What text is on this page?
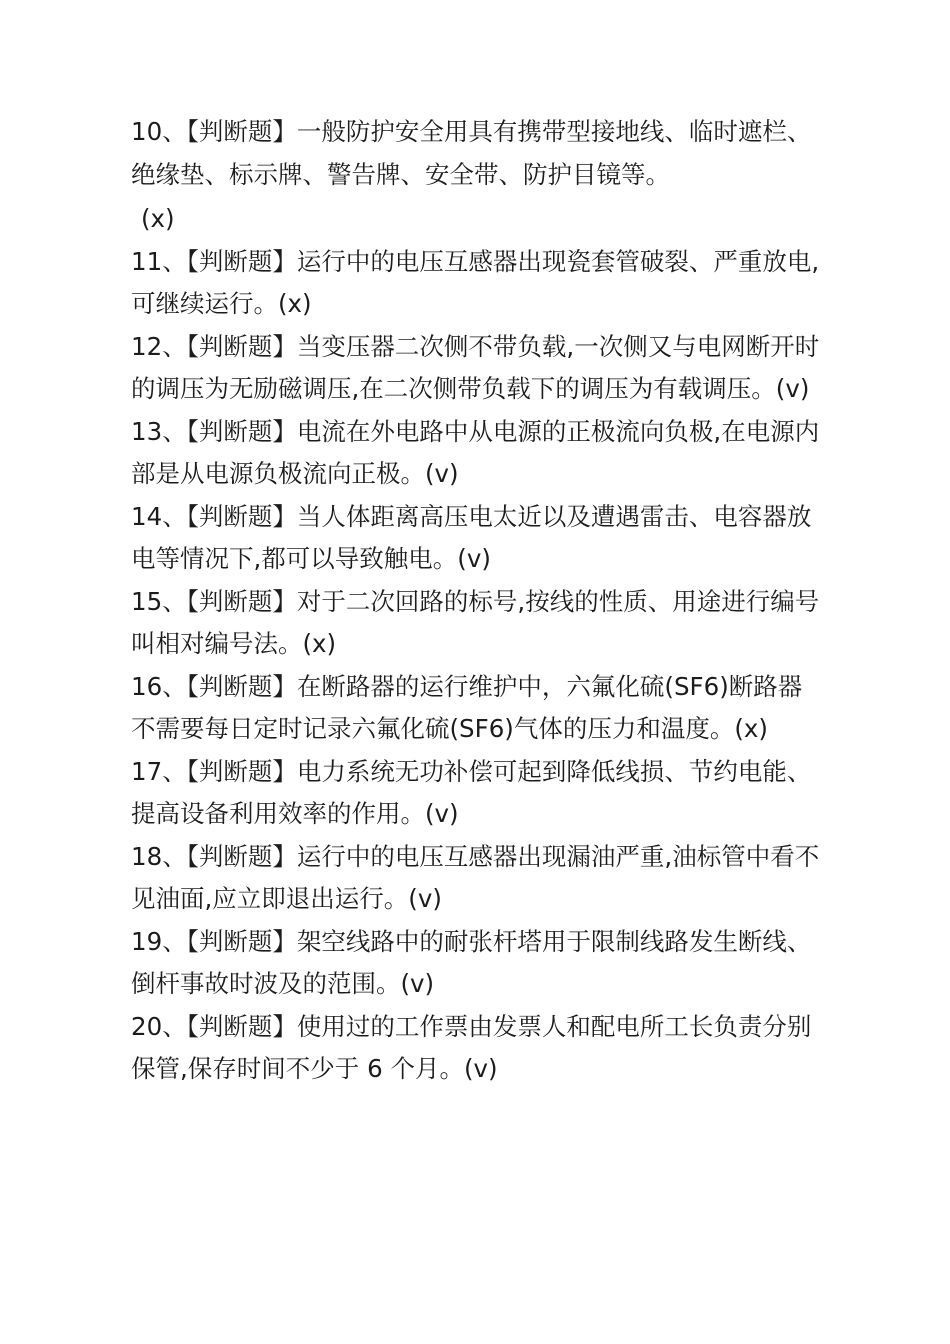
10、【判断题】一般防护安全用具有携带型接地线、临时遮栏、绝缘垫、标示牌、警告牌、安全带、防护目镜等。
(x)
11、【判断题】运行中的电压互感器出现瓷套管破裂、严重放电,可继续运行。(x)
12、【判断题】当变压器二次侧不带负载,一次侧又与电网断开时的调压为无励磁调压,在二次侧带负载下的调压为有载调压。(v)
13、【判断题】电流在外电路中从电源的正极流向负极,在电源内部是从电源负极流向正极。(v)
14、【判断题】当人体距离高压电太近以及遭遇雷击、电容器放电等情况下,都可以导致触电。(v)
15、【判断题】对于二次回路的标号,按线的性质、用途进行编号叫相对编号法。(x)
16、【判断题】在断路器的运行维护中，六氟化硫(SF6)断路器不需要每日定时记录六氟化硫(SF6)气体的压力和温度。(x)
17、【判断题】电力系统无功补偿可起到降低线损、节约电能、提高设备利用效率的作用。(v)
18、【判断题】运行中的电压互感器出现漏油严重,油标管中看不见油面,应立即退出运行。(v)
19、【判断题】架空线路中的耐张杆塔用于限制线路发生断线、倒杆事故时波及的范围。(v)
20、【判断题】使用过的工作票由发票人和配电所工长负责分别保管,保存时间不少于 6 个月。(v)
